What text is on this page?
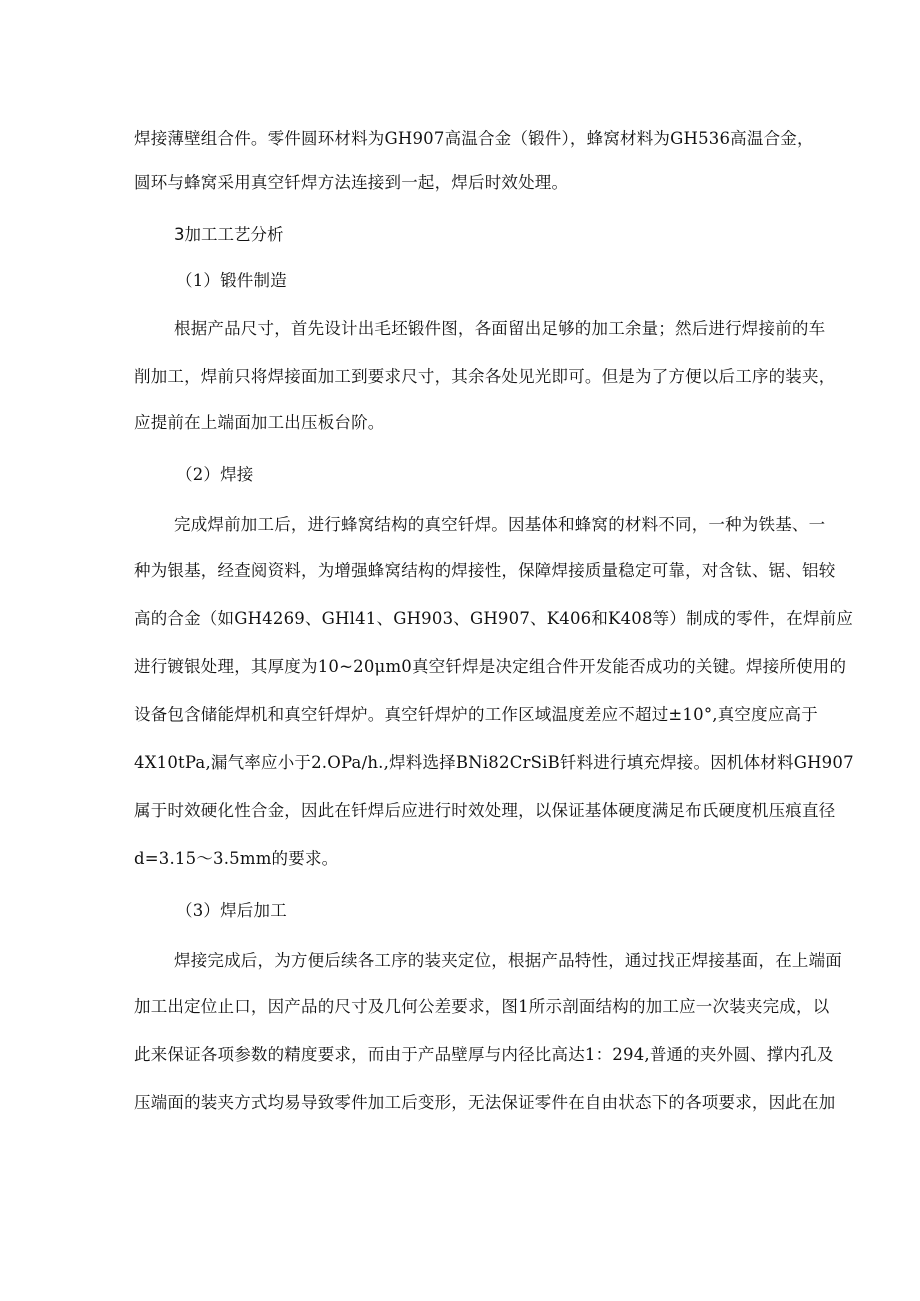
焊接薄壁组合件。零件圆环材料为GH907高温合金（锻件），蜂窝材料为GH536高温合金，
圆环与蜂窝采用真空钎焊方法连接到一起，焊后时效处理。
3加工工艺分析
（1）锻件制造
根据产品尺寸，首先设计出毛坯锻件图，各面留出足够的加工余量；然后进行焊接前的车
削加工，焊前只将焊接面加工到要求尺寸，其余各处见光即可。但是为了方便以后工序的装夹，
应提前在上端面加工出压板台阶。
（2）焊接
完成焊前加工后，进行蜂窝结构的真空钎焊。因基体和蜂窝的材料不同，一种为铁基、一
种为银基，经查阅资料，为增强蜂窝结构的焊接性，保障焊接质量稳定可靠，对含钛、锯、铝较
高的合金（如GH4269、GHl41、GH903、GH907、K406和K408等）制成的零件，在焊前应
进行镀银处理，其厚度为10~20μm0真空钎焊是决定组合件开发能否成功的关键。焊接所使用的
设备包含储能焊机和真空钎焊炉。真空钎焊炉的工作区域温度差应不超过±10°,真空度应高于
4X10tPa,漏气率应小于2.OPa∕h.,焊料选择BNi82CrSiB钎料进行填充焊接。因机体材料GH907
属于时效硬化性合金，因此在钎焊后应进行时效处理，以保证基体硬度满足布氏硬度机压痕直径
d=3.15～3.5mm的要求。
（3）焊后加工
焊接完成后，为方便后续各工序的装夹定位，根据产品特性，通过找正焊接基面，在上端面
加工出定位止口，因产品的尺寸及几何公差要求，图1所示剖面结构的加工应一次装夹完成，以
此来保证各项参数的精度要求，而由于产品壁厚与内径比高达1：294,普通的夹外圆、撑内孔及
压端面的装夹方式均易导致零件加工后变形，无法保证零件在自由状态下的各项要求，因此在加
